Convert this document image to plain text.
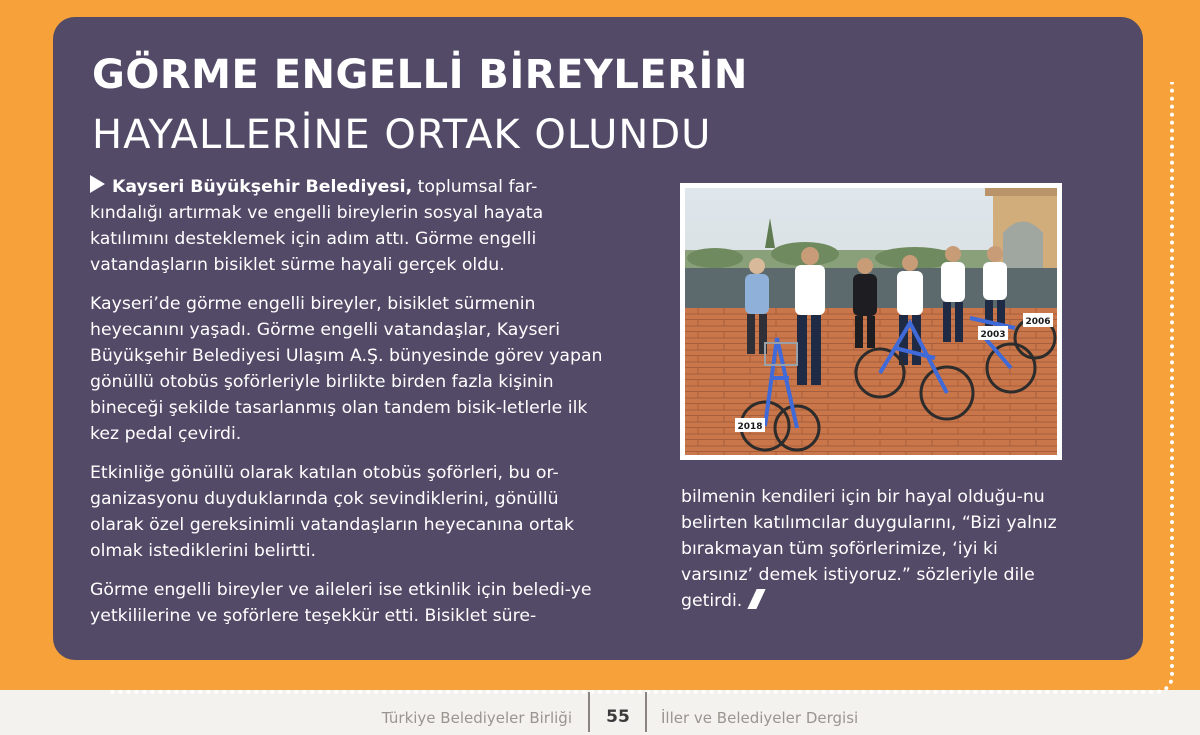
GÖRME ENGELLİ BİREYLERİN
HAYALLERİNE ORTAK OLUNDU

Kayseri Büyükşehir Belediyesi, toplumsal far-kındalığı artırmak ve engelli bireylerin sosyal hayata katılımını desteklemek için adım attı. Görme engelli vatandaşların bisiklet sürme hayali gerçek oldu.

Kayseri’de görme engelli bireyler, bisiklet sürmenin heyecanını yaşadı. Görme engelli vatandaşlar, Kayseri Büyükşehir Belediyesi Ulaşım A.Ş. bünyesinde görev yapan gönüllü otobüs şoförleriyle birlikte birden fazla kişinin bineceği şekilde tasarlanmış olan tandem bisik-letlerle ilk kez pedal çevirdi.

Etkinliğe gönüllü olarak katılan otobüs şoförleri, bu or-ganizasyonu duyduklarında çok sevindiklerini, gönüllü olarak özel gereksinimli vatandaşların heyecanına ortak olmak istediklerini belirtti.

Görme engelli bireyler ve aileleri ise etkinlik için beledi-ye yetkililerine ve şoförlere teşekkür etti. Bisiklet süre-

bilmenin kendileri için bir hayal olduğu-nu belirten katılımcılar duygularını, “Bizi yalnız bırakmayan tüm şoförlerimize, ‘iyi ki varsınız’ demek istiyoruz.” sözleriyle dile getirdi.

2018
2003
2006
Türkiye Belediyeler Birliği	55	İller ve Belediyeler Dergisi
